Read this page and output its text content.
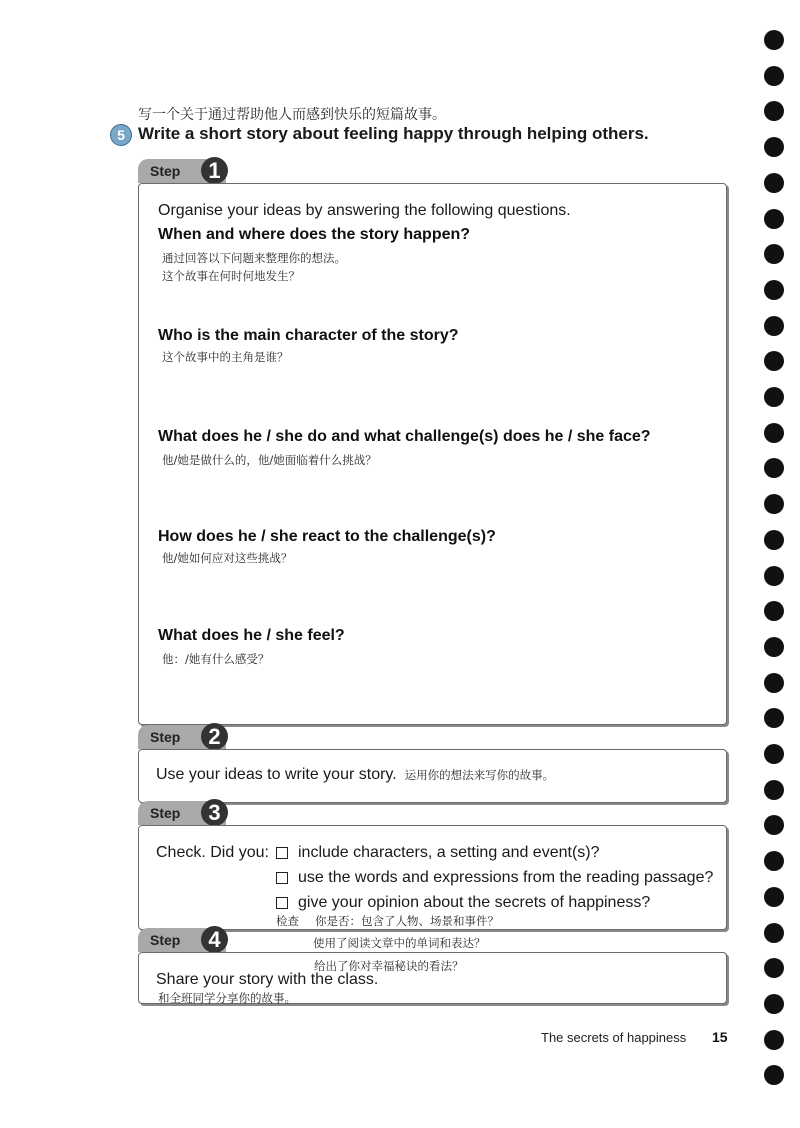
写一个关于通过帮助他人而感到快乐的短篇故事。
5 Write a short story about feeling happy through helping others.
Step	1
Organise your ideas by answering the following questions.
When and where does the story happen?
通过回答以下问题来整理你的想法。
这个故事在何时何地发生？
Who is the main character of the story?
这个故事中的主角是谁？
What does he / she do and what challenge(s) does he / she face?
他/她是做什么的，他/她面临着什么挑战？
How does he / she react to the challenge(s)?
他/她如何应对这些挑战？
What does he / she feel?
他：/她有什么感受？
Step	2
Use your ideas to write your story. 运用你的想法来写你的故事。
Step	3
Check. Did you: include characters, a setting and event(s)?
use the words and expressions from the reading passage?
give your opinion about the secrets of happiness?
检查 你是否：包含了人物、场景和事件？
Step	4	使用了阅读文章中的单词和表达？
给出了你对幸福秘诀的看法？
Share your story with the class.
和全班同学分享你的故事。
The secrets of happiness 15
